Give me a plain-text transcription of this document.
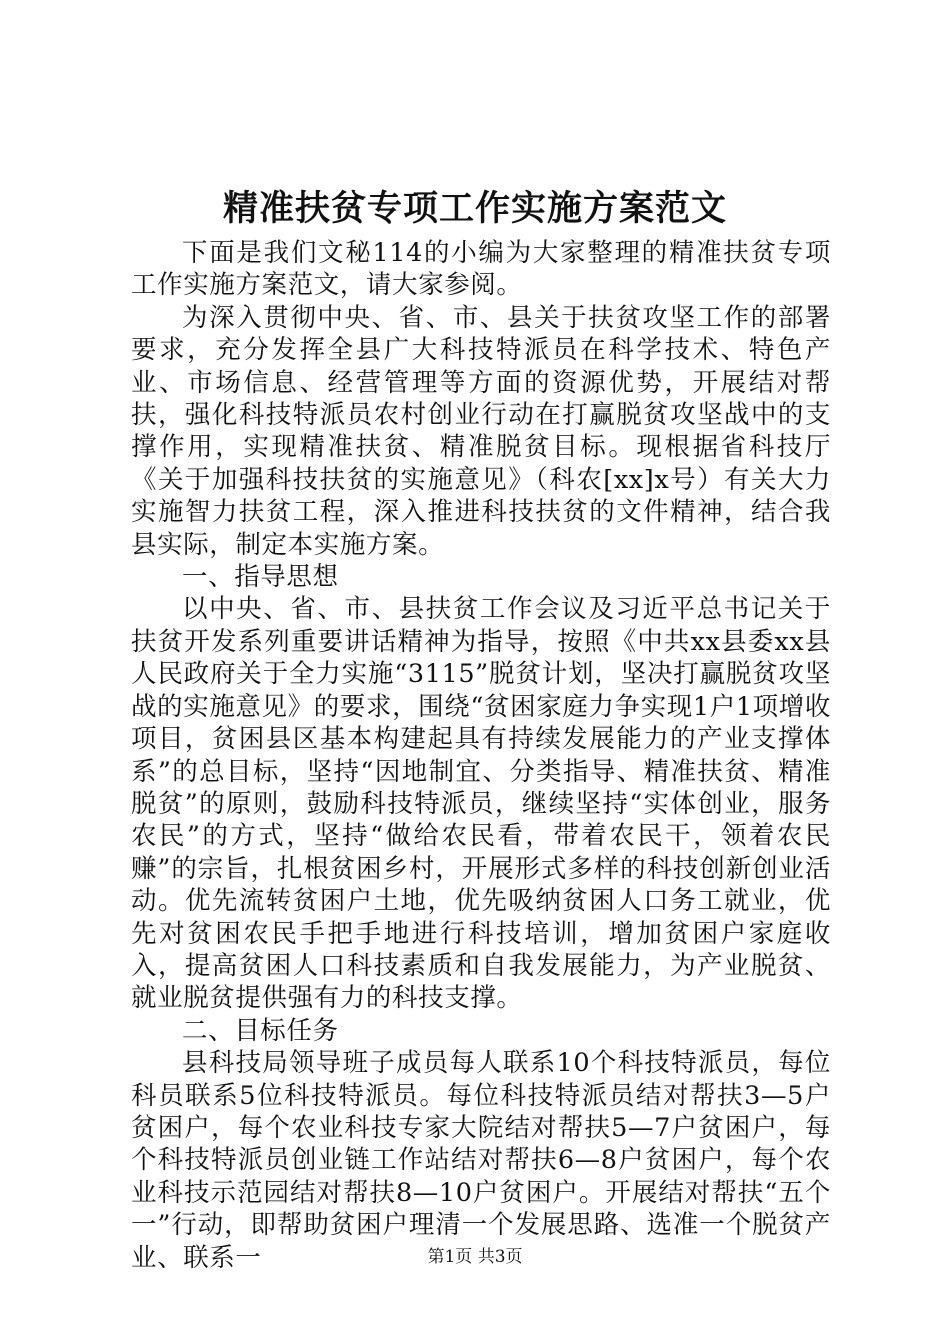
精准扶贫专项工作实施方案范文

下面是我们文秘114的小编为大家整理的精准扶贫专项工作实施方案范文，请大家参阅。

为深入贯彻中央、省、市、县关于扶贫攻坚工作的部署要求，充分发挥全县广大科技特派员在科学技术、特色产业、市场信息、经营管理等方面的资源优势，开展结对帮扶，强化科技特派员农村创业行动在打赢脱贫攻坚战中的支撑作用，实现精准扶贫、精准脱贫目标。现根据省科技厅《关于加强科技扶贫的实施意见》（科农[xx]x号）有关大力实施智力扶贫工程，深入推进科技扶贫的文件精神，结合我县实际，制定本实施方案。

一、指导思想

以中央、省、市、县扶贫工作会议及习近平总书记关于扶贫开发系列重要讲话精神为指导，按照《中共xx县委xx县人民政府关于全力实施“3115”脱贫计划，坚决打赢脱贫攻坚战的实施意见》的要求，围绕“贫困家庭力争实现1户1项增收项目，贫困县区基本构建起具有持续发展能力的产业支撑体系”的总目标，坚持“因地制宜、分类指导、精准扶贫、精准脱贫”的原则，鼓励科技特派员，继续坚持“实体创业，服务农民”的方式，坚持“做给农民看，带着农民干，领着农民赚”的宗旨，扎根贫困乡村，开展形式多样的科技创新创业活动。优先流转贫困户土地，优先吸纳贫困人口务工就业，优先对贫困农民手把手地进行科技培训，增加贫困户家庭收入，提高贫困人口科技素质和自我发展能力，为产业脱贫、就业脱贫提供强有力的科技支撑。

二、目标任务

县科技局领导班子成员每人联系10个科技特派员，每位科员联系5位科技特派员。每位科技特派员结对帮扶3—5户贫困户，每个农业科技专家大院结对帮扶5—7户贫困户，每个科技特派员创业链工作站结对帮扶6—8户贫困户，每个农业科技示范园结对帮扶8—10户贫困户。开展结对帮扶“五个一”行动，即帮助贫困户理清一个发展思路、选准一个脱贫产业、联系一	第1页 共3页
